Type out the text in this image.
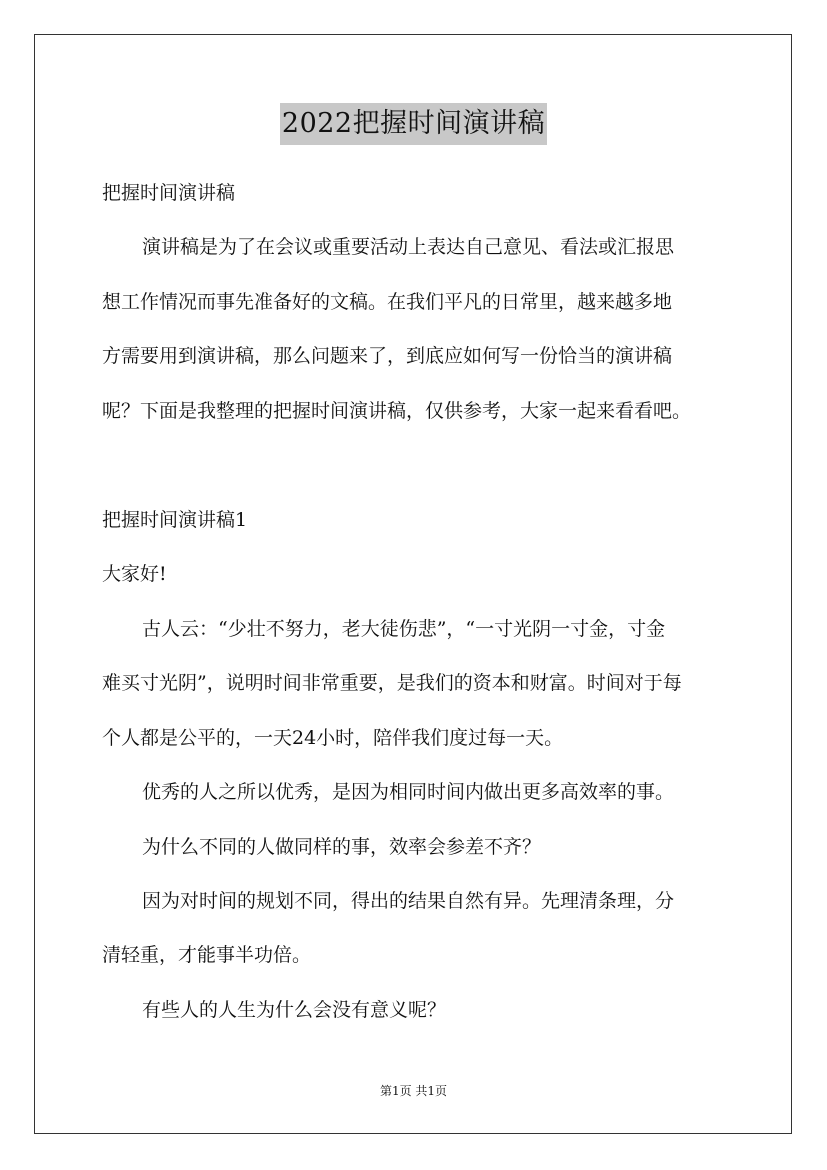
2022把握时间演讲稿
把握时间演讲稿
演讲稿是为了在会议或重要活动上表达自己意见、看法或汇报思
想工作情况而事先准备好的文稿。在我们平凡的日常里，越来越多地
方需要用到演讲稿，那么问题来了，到底应如何写一份恰当的演讲稿
呢？下面是我整理的把握时间演讲稿，仅供参考，大家一起来看看吧。
把握时间演讲稿1
大家好!
古人云：“少壮不努力，老大徒伤悲”，“一寸光阴一寸金，寸金
难买寸光阴”，说明时间非常重要，是我们的资本和财富。时间对于每
个人都是公平的，一天24小时，陪伴我们度过每一天。
优秀的人之所以优秀，是因为相同时间内做出更多高效率的事。
为什么不同的人做同样的事，效率会参差不齐？
因为对时间的规划不同，得出的结果自然有异。先理清条理，分
清轻重，才能事半功倍。
有些人的人生为什么会没有意义呢？
第1页 共1页
